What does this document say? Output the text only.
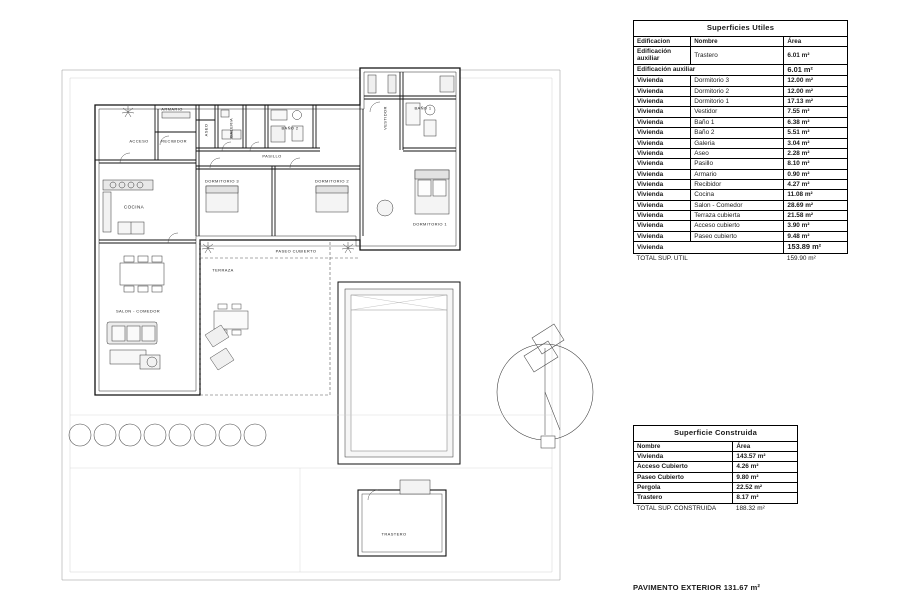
ARMARIO
ASEO	GALERIA	BAÑO 2
BAÑO 1
VESTIDOR
ACCESO	RECIBIDOR
PASILLO
DORMITORIO 3	DORMITORIO 2
DORMITORIO 1
COCINA
PASEO CUBIERTO
TERRAZA
SALON - COMEDOR
TRASTERO
Superficies Utiles		
Edificacion	Nombre	Área
Edificación
auxiliar	Trastero	6.01 m²
Edificación auxiliar		6.01 m²
Vivienda	Dormitorio 3	12.00 m²
Vivienda	Dormitorio 2	12.00 m²
Vivienda	Dormitorio 1	17.13 m²
Vivienda	Vestidor	7.55 m²
Vivienda	Baño 1	6.38 m²
Vivienda	Baño 2	5.51 m²
Vivienda	Galeria	3.04 m²
Vivienda	Aseo	2.28 m²
Vivienda	Pasillo	8.10 m²
Vivienda	Armario	0.90 m²
Vivienda	Recibidor	4.27 m²
Vivienda	Cocina	11.08 m²
Vivienda	Salon - Comedor	28.69 m²
Vivienda	Terraza cubierta	21.58 m²
Vivienda	Acceso cubierto	3.90 m²
Vivienda	Paseo cubierto	9.48 m²
Vivienda		153.89 m²
TOTAL SUP. UTIL		159.90 m²
Superficie Construida	
Nombre	Área
Vivienda	143.57 m²
Acceso Cubierto	4.26 m²
Paseo Cubierto	9.80 m²
Pergola	22.52 m²
Trastero	8.17 m²
TOTAL SUP. CONSTRUIDA	188.32 m²
PAVIMENTO EXTERIOR 131.67 m²
